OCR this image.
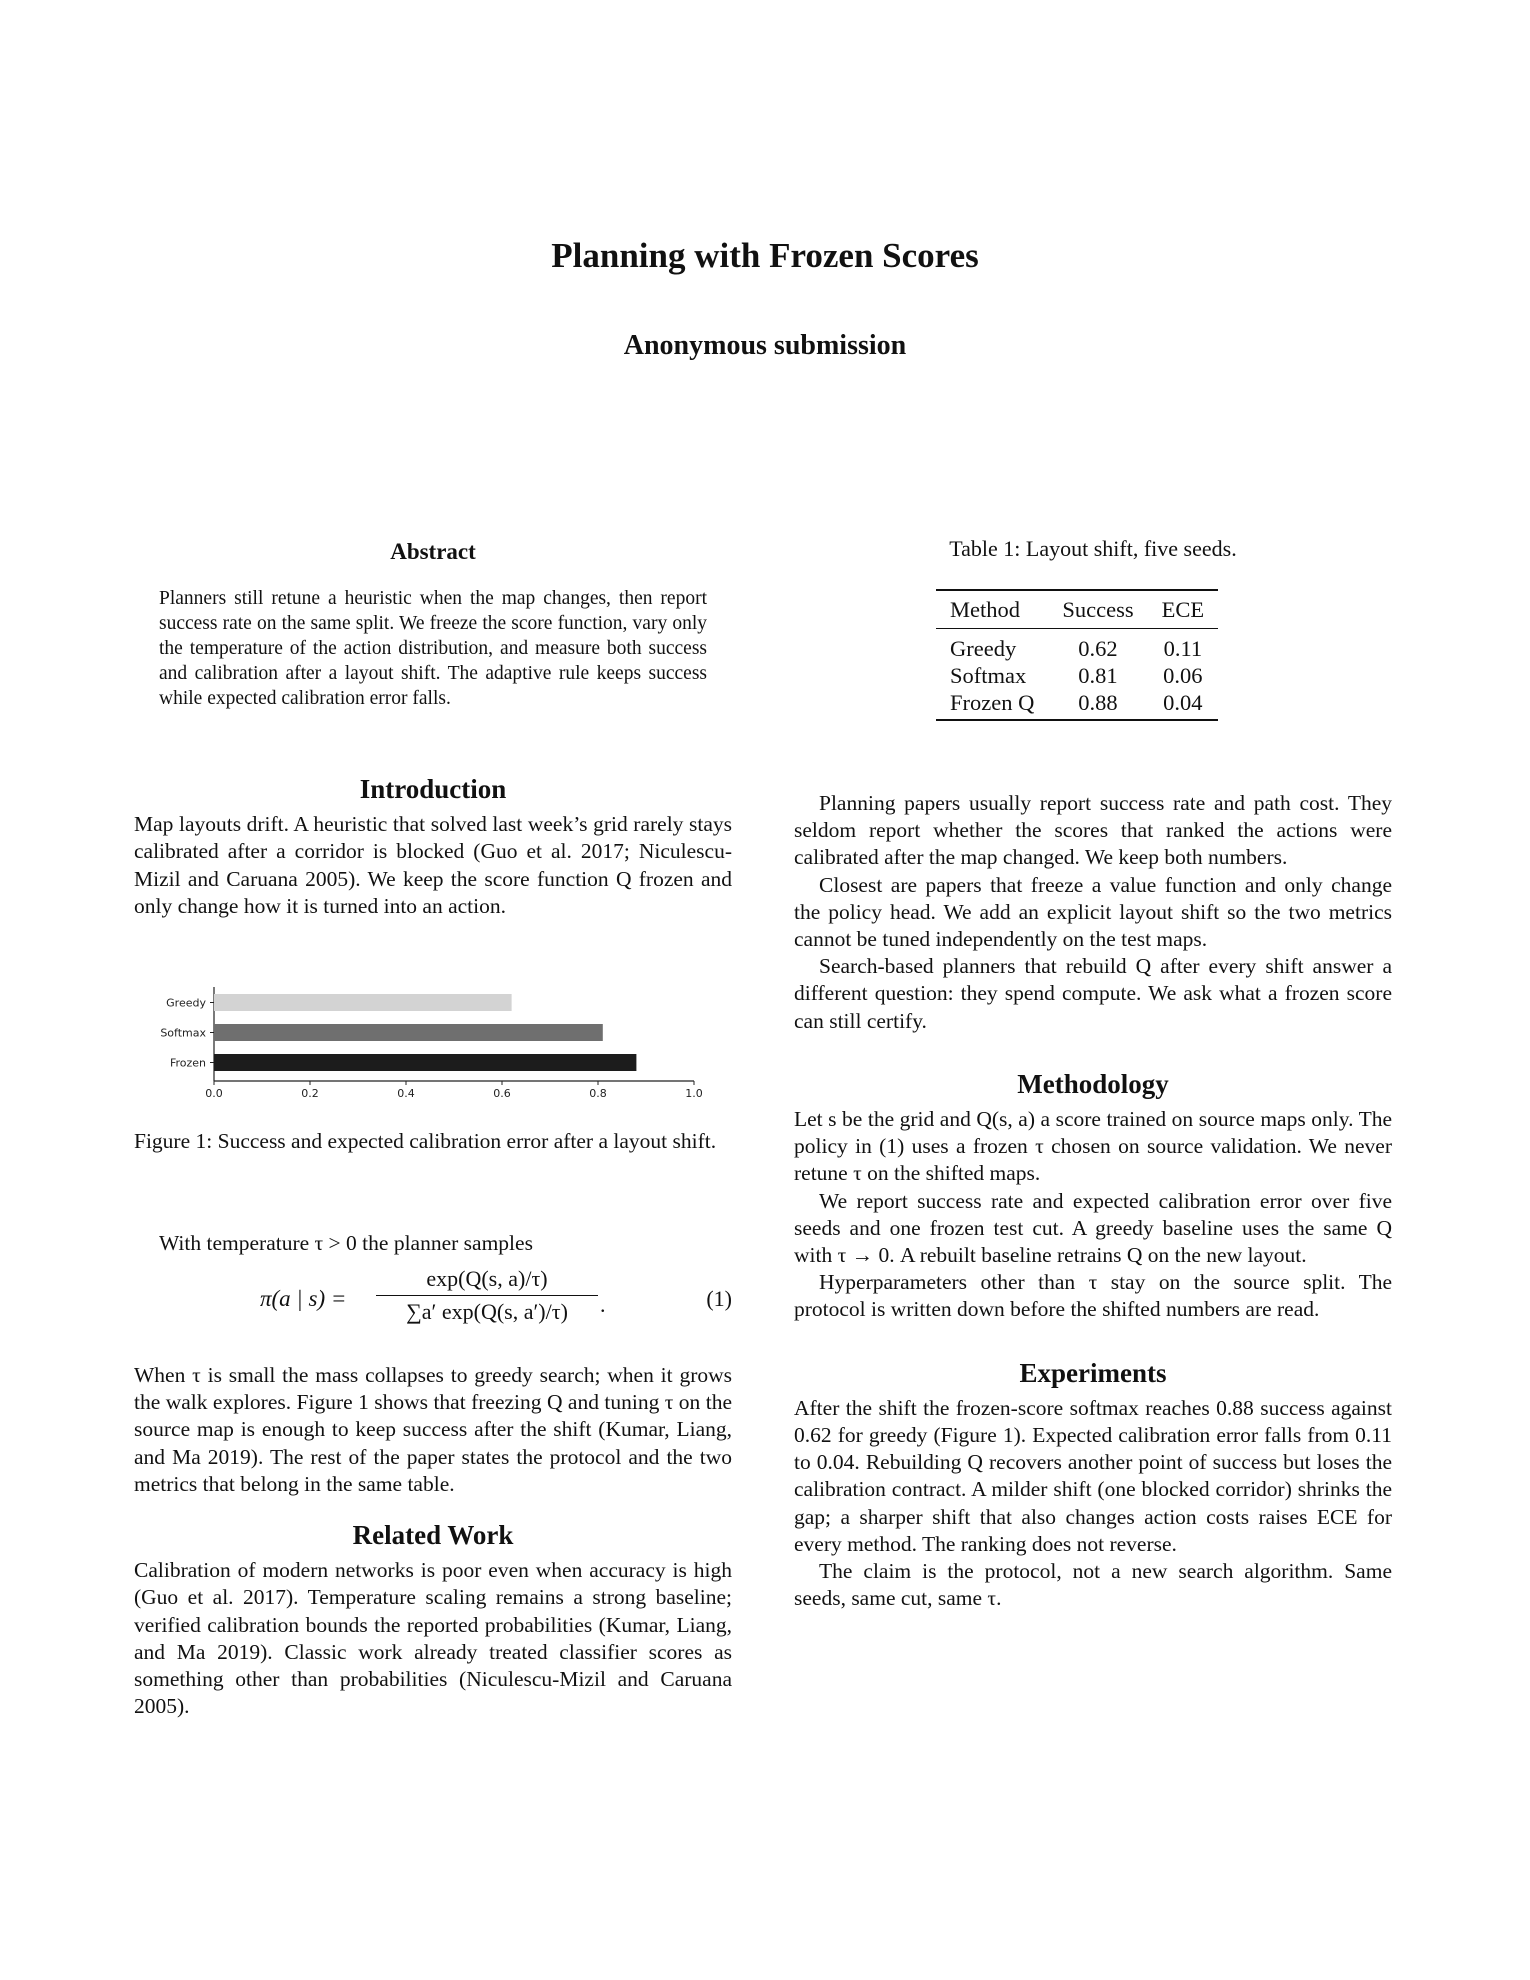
Planning with Frozen Scores
Anonymous submission
Abstract
Planners still retune a heuristic when the map changes, then report success rate on the same split. We freeze the score function, vary only the temperature of the action distribution, and measure both success and calibration after a layout shift. The adaptive rule keeps success while expected calibration error falls.
Introduction

Map layouts drift. A heuristic that solved last week’s grid rarely stays calibrated after a corridor is blocked (Guo et al. 2017; Niculescu-Mizil and Caruana 2005). We keep the score function Q frozen and only change how it is turned into an action.

Greedy
Softmax
Frozen
0.0	0.2	0.4	0.6	0.8	1.0
Figure 1: Success and expected calibration error after a layout shift.

With temperature τ > 0 the planner samples

π(a | $s) = \frac{\exp(Q(s, a)/\tau)}{\sum a' \exp(Q(s, a')/\tau)}$ .	(1)

When τ is small the mass collapses to greedy search; when it grows the walk explores. Figure 1 shows that freezing Q and tuning τ on the source map is enough to keep success after the shift (Kumar, Liang, and Ma 2019). The rest of the paper states the protocol and the two metrics that belong in the same table.

Related Work

Calibration of modern networks is poor even when accuracy is high (Guo et al. 2017). Temperature scaling remains a strong baseline; verified calibration bounds the reported probabilities (Kumar, Liang, and Ma 2019). Classic work already treated classifier scores as something other than probabilities (Niculescu-Mizil and Caruana 2005).

Table 1: Layout shift, five seeds.
Method	Success	ECE
Greedy	0.62	0.11
Softmax	0.81	0.06
Frozen Q	0.88	0.04

Planning papers usually report success rate and path cost. They seldom report whether the scores that ranked the actions were calibrated after the map changed. We keep both numbers.

Closest are papers that freeze a value function and only change the policy head. We add an explicit layout shift so the two metrics cannot be tuned independently on the test maps.

Search-based planners that rebuild Q after every shift answer a different question: they spend compute. We ask what a frozen score can still certify.

Methodology

Let s be the grid and Q(s, a) a score trained on source maps only. The policy in (1) uses a frozen τ chosen on source validation. We never retune τ on the shifted maps.

We report success rate and expected calibration error over five seeds and one frozen test cut. A greedy baseline uses the same Q with τ → 0. A rebuilt baseline retrains Q on the new layout.

Hyperparameters other than τ stay on the source split. The protocol is written down before the shifted numbers are read.

Experiments

After the shift the frozen-score softmax reaches 0.88 success against 0.62 for greedy (Figure 1). Expected calibration error falls from 0.11 to 0.04. Rebuilding Q recovers another point of success but loses the calibration contract. A milder shift (one blocked corridor) shrinks the gap; a sharper shift that also changes action costs raises ECE for every method. The ranking does not reverse.

The claim is the protocol, not a new search algorithm. Same seeds, same cut, same τ.
